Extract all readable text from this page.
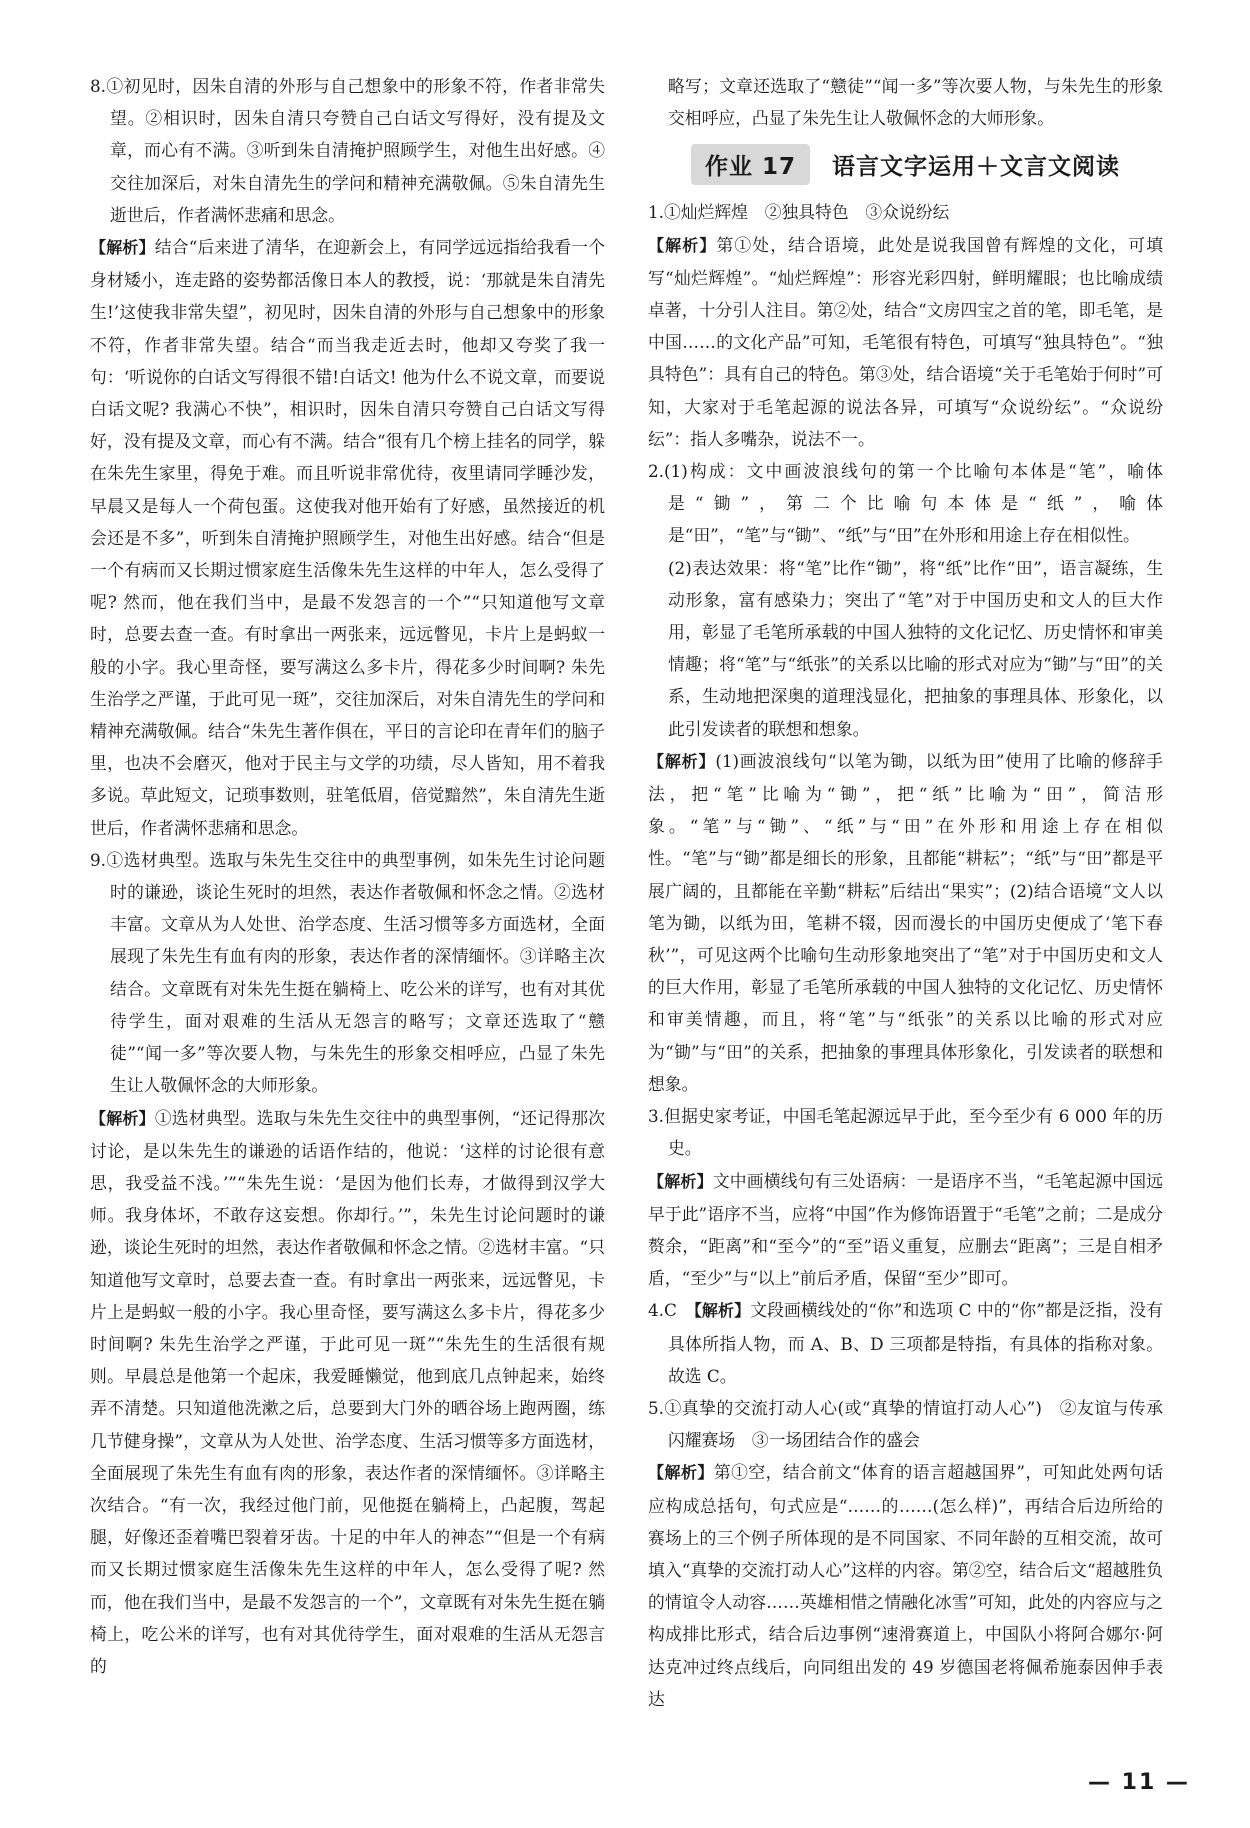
8.①初见时，因朱自清的外形与自己想象中的形象不符，作者非常失望。②相识时，因朱自清只夸赞自己白话文写得好，没有提及文章，而心有不满。③听到朱自清掩护照顾学生，对他生出好感。④交往加深后，对朱自清先生的学问和精神充满敬佩。⑤朱自清先生逝世后，作者满怀悲痛和思念。

【解析】结合“后来进了清华，在迎新会上，有同学远远指给我看一个身材矮小，连走路的姿势都活像日本人的教授，说：‘那就是朱自清先生!’这使我非常失望”，初见时，因朱自清的外形与自己想象中的形象不符，作者非常失望。结合“而当我走近去时，他却又夸奖了我一句：‘听说你的白话文写得很不错!白话文! 他为什么不说文章，而要说白话文呢? 我满心不快”，相识时，因朱自清只夸赞自己白话文写得好，没有提及文章，而心有不满。结合“很有几个榜上挂名的同学，躲在朱先生家里，得免于难。而且听说非常优待，夜里请同学睡沙发，早晨又是每人一个荷包蛋。这使我对他开始有了好感，虽然接近的机会还是不多”，听到朱自清掩护照顾学生，对他生出好感。结合“但是一个有病而又长期过惯家庭生活像朱先生这样的中年人，怎么受得了呢? 然而，他在我们当中，是最不发怨言的一个”“只知道他写文章时，总要去查一查。有时拿出一两张来，远远瞥见，卡片上是蚂蚁一般的小字。我心里奇怪，要写满这么多卡片，得花多少时间啊? 朱先生治学之严谨，于此可见一斑”，交往加深后，对朱自清先生的学问和精神充满敬佩。结合“朱先生著作俱在，平日的言论印在青年们的脑子里，也决不会磨灭，他对于民主与文学的功绩，尽人皆知，用不着我多说。草此短文，记琐事数则，驻笔低眉，倍觉黯然”，朱自清先生逝世后，作者满怀悲痛和思念。

9.①选材典型。选取与朱先生交往中的典型事例，如朱先生讨论问题时的谦逊，谈论生死时的坦然，表达作者敬佩和怀念之情。②选材丰富。文章从为人处世、治学态度、生活习惯等多方面选材，全面展现了朱先生有血有肉的形象，表达作者的深情缅怀。③详略主次结合。文章既有对朱先生挺在躺椅上、吃公米的详写，也有对其优待学生，面对艰难的生活从无怨言的略写；文章还选取了“戆徒”“闻一多”等次要人物，与朱先生的形象交相呼应，凸显了朱先生让人敬佩怀念的大师形象。

【解析】①选材典型。选取与朱先生交往中的典型事例，“还记得那次讨论，是以朱先生的谦逊的话语作结的，他说：‘这样的讨论很有意思，我受益不浅。’”“朱先生说：‘是因为他们长寿，才做得到汉学大师。我身体坏，不敢存这妄想。你却行。’”，朱先生讨论问题时的谦逊，谈论生死时的坦然，表达作者敬佩和怀念之情。②选材丰富。“只知道他写文章时，总要去查一查。有时拿出一两张来，远远瞥见，卡片上是蚂蚁一般的小字。我心里奇怪，要写满这么多卡片，得花多少时间啊? 朱先生治学之严谨，于此可见一斑”“朱先生的生活很有规则。早晨总是他第一个起床，我爱睡懒觉，他到底几点钟起来，始终弄不清楚。只知道他洗漱之后，总要到大门外的晒谷场上跑两圈，练几节健身操”，文章从为人处世、治学态度、生活习惯等多方面选材，全面展现了朱先生有血有肉的形象，表达作者的深情缅怀。③详略主次结合。“有一次，我经过他门前，见他挺在躺椅上，凸起腹，驾起腿，好像还歪着嘴巴裂着牙齿。十足的中年人的神态”“但是一个有病而又长期过惯家庭生活像朱先生这样的中年人，怎么受得了呢? 然而，他在我们当中，是最不发怨言的一个”，文章既有对朱先生挺在躺椅上，吃公米的详写，也有对其优待学生，面对艰难的生活从无怨言的

略写；文章还选取了“戆徒”“闻一多”等次要人物，与朱先生的形象交相呼应，凸显了朱先生让人敬佩怀念的大师形象。

作业 17	语言文字运用＋文言文阅读

1.①灿烂辉煌　②独具特色　③众说纷纭

【解析】第①处，结合语境，此处是说我国曾有辉煌的文化，可填写“灿烂辉煌”。“灿烂辉煌”：形容光彩四射，鲜明耀眼；也比喻成绩卓著，十分引人注目。第②处，结合“文房四宝之首的笔，即毛笔，是中国……的文化产品”可知，毛笔很有特色，可填写“独具特色”。“独具特色”：具有自己的特色。第③处，结合语境“关于毛笔始于何时”可知，大家对于毛笔起源的说法各异，可填写“众说纷纭”。“众说纷纭”：指人多嘴杂，说法不一。

2.(1)构成：文中画波浪线句的第一个比喻句本体是“笔”，喻体是“锄”，第二个比喻句本体是“纸”，喻体是“田”，“笔”与“锄”、“纸”与“田”在外形和用途上存在相似性。

(2)表达效果：将“笔”比作“锄”，将“纸”比作“田”，语言凝练，生动形象，富有感染力；突出了“笔”对于中国历史和文人的巨大作用，彰显了毛笔所承载的中国人独特的文化记忆、历史情怀和审美情趣；将“笔”与“纸张”的关系以比喻的形式对应为“锄”与“田”的关系，生动地把深奥的道理浅显化，把抽象的事理具体、形象化，以此引发读者的联想和想象。

【解析】(1)画波浪线句“以笔为锄，以纸为田”使用了比喻的修辞手法，把“笔”比喻为“锄”，把“纸”比喻为“田”，简洁形象。“笔”与“锄”、“纸”与“田”在外形和用途上存在相似性。“笔”与“锄”都是细长的形象，且都能“耕耘”；“纸”与“田”都是平展广阔的，且都能在辛勤“耕耘”后结出“果实”；(2)结合语境“文人以笔为锄，以纸为田，笔耕不辍，因而漫长的中国历史便成了‘笔下春秋’”，可见这两个比喻句生动形象地突出了“笔”对于中国历史和文人的巨大作用，彰显了毛笔所承载的中国人独特的文化记忆、历史情怀和审美情趣，而且，将“笔”与“纸张”的关系以比喻的形式对应为“锄”与“田”的关系，把抽象的事理具体形象化，引发读者的联想和想象。

3.但据史家考证，中国毛笔起源远早于此，至今至少有 6 000 年的历史。

【解析】文中画横线句有三处语病：一是语序不当，“毛笔起源中国远早于此”语序不当，应将“中国”作为修饰语置于“毛笔”之前；二是成分赘余，“距离”和“至今”的“至”语义重复，应删去“距离”；三是自相矛盾，“至少”与“以上”前后矛盾，保留“至少”即可。

4.C　【解析】文段画横线处的“你”和选项 C 中的“你”都是泛指，没有具体所指人物，而 A、B、D 三项都是特指，有具体的指称对象。故选 C。

5.①真挚的交流打动人心(或“真挚的情谊打动人心”)　②友谊与传承闪耀赛场　③一场团结合作的盛会

【解析】第①空，结合前文“体育的语言超越国界”，可知此处两句话应构成总括句，句式应是“……的……(怎么样)”，再结合后边所给的赛场上的三个例子所体现的是不同国家、不同年龄的互相交流，故可填入“真挚的交流打动人心”这样的内容。第②空，结合后文“超越胜负的情谊令人动容……英雄相惜之情融化冰雪”可知，此处的内容应与之构成排比形式，结合后边事例“速滑赛道上，中国队小将阿合娜尔·阿达克冲过终点线后，向同组出发的 49 岁德国老将佩希施泰因伸手表达

— 11 —
